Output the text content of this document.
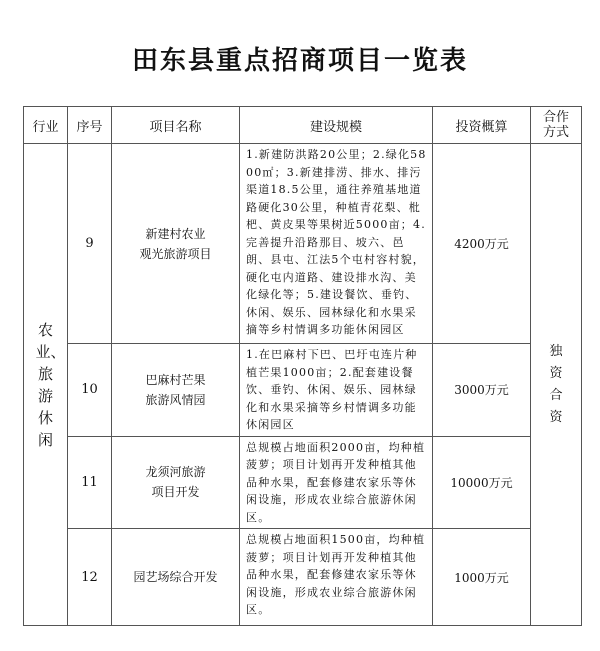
田东县重点招商项目一览表
行业	序号	项目名称	建设规模	投资概算	合作
方式

农业、旅游休闲	9	新建村农业
观光旅游项目	1.新建防洪路20公里；2.绿化5800㎡；3.新建排涝、排水、排污渠道18.5公里，通往养殖基地道路硬化30公里，种植青花梨、枇杷、黄皮果等果树近5000亩；4.完善提升沿路那目、坡六、邑朗、县屯、江法5个屯村容村貌，硬化屯内道路、建设排水沟、美化绿化等；5.建设餐饮、垂钓、休闲、娱乐、园林绿化和水果采摘等乡村情调多功能休闲园区	4200万元	独资合资

	10	巴麻村芒果
旅游风情园	1.在巴麻村下巴、巴圩屯连片种植芒果1000亩；2.配套建设餐饮、垂钓、休闲、娱乐、园林绿化和水果采摘等乡村情调多功能休闲园区	3000万元	
	11	龙须河旅游
项目开发	总规模占地面积2000亩，均种植菠萝；项目计划再开发种植其他品种水果，配套修建农家乐等休闲设施，形成农业综合旅游休闲区。	10000万元	
	12	园艺场综合开发	总规模占地面积1500亩，均种植菠萝；项目计划再开发种植其他品种水果，配套修建农家乐等休闲设施，形成农业综合旅游休闲区。	1000万元	
